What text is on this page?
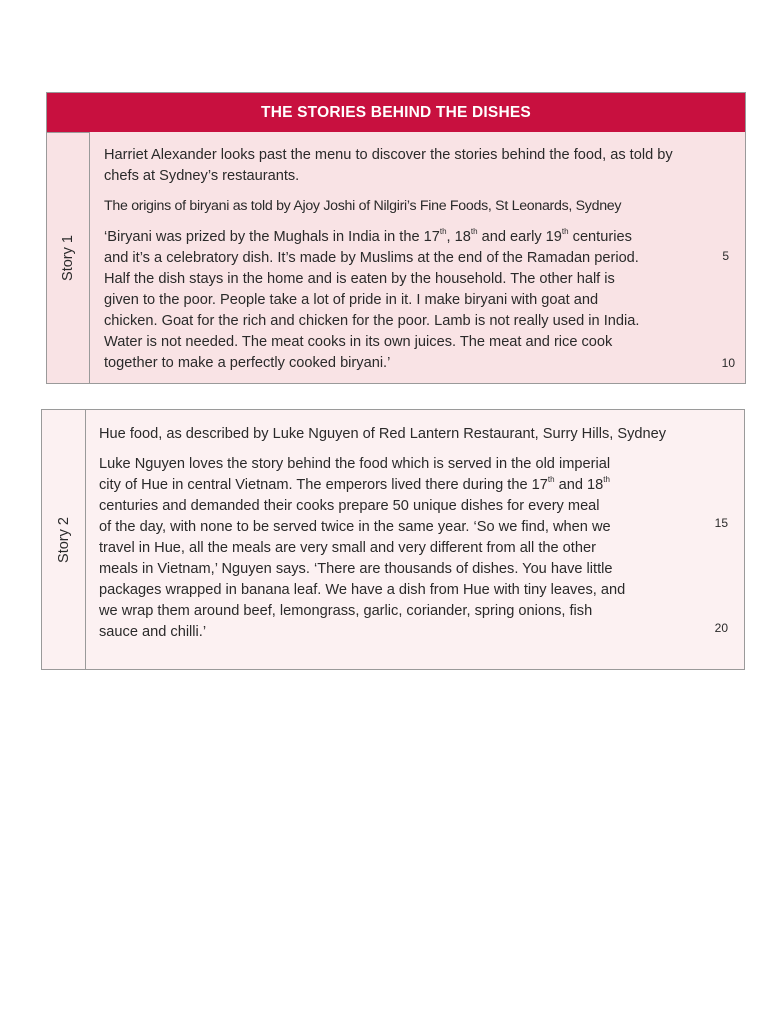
THE STORIES BEHIND THE DISHES
Story 1

Harriet Alexander looks past the menu to discover the stories behind the food, as told by chefs at Sydney’s restaurants.

The origins of biryani as told by Ajoy Joshi of Nilgiri’s Fine Foods, St Leonards, Sydney

‘Biryani was prized by the Mughals in India in the 17th, 18th and early 19th centuries
and it’s a celebratory dish. It’s made by Muslims at the end of the Ramadan period.
Half the dish stays in the home and is eaten by the household. The other half is
given to the poor. People take a lot of pride in it. I make biryani with goat and
chicken. Goat for the rich and chicken for the poor. Lamb is not really used in India.
Water is not needed. The meat cooks in its own juices. The meat and rice cook
together to make a perfectly cooked biryani.’

5
10
Story 2

Hue food, as described by Luke Nguyen of Red Lantern Restaurant, Surry Hills, Sydney

Luke Nguyen loves the story behind the food which is served in the old imperial
city of Hue in central Vietnam. The emperors lived there during the 17th and 18th
centuries and demanded their cooks prepare 50 unique dishes for every meal
of the day, with none to be served twice in the same year. ‘So we find, when we
travel in Hue, all the meals are very small and very different from all the other
meals in Vietnam,’ Nguyen says. ‘There are thousands of dishes. You have little
packages wrapped in banana leaf. We have a dish from Hue with tiny leaves, and
we wrap them around beef, lemongrass, garlic, coriander, spring onions, fish
sauce and chilli.’

15
20
